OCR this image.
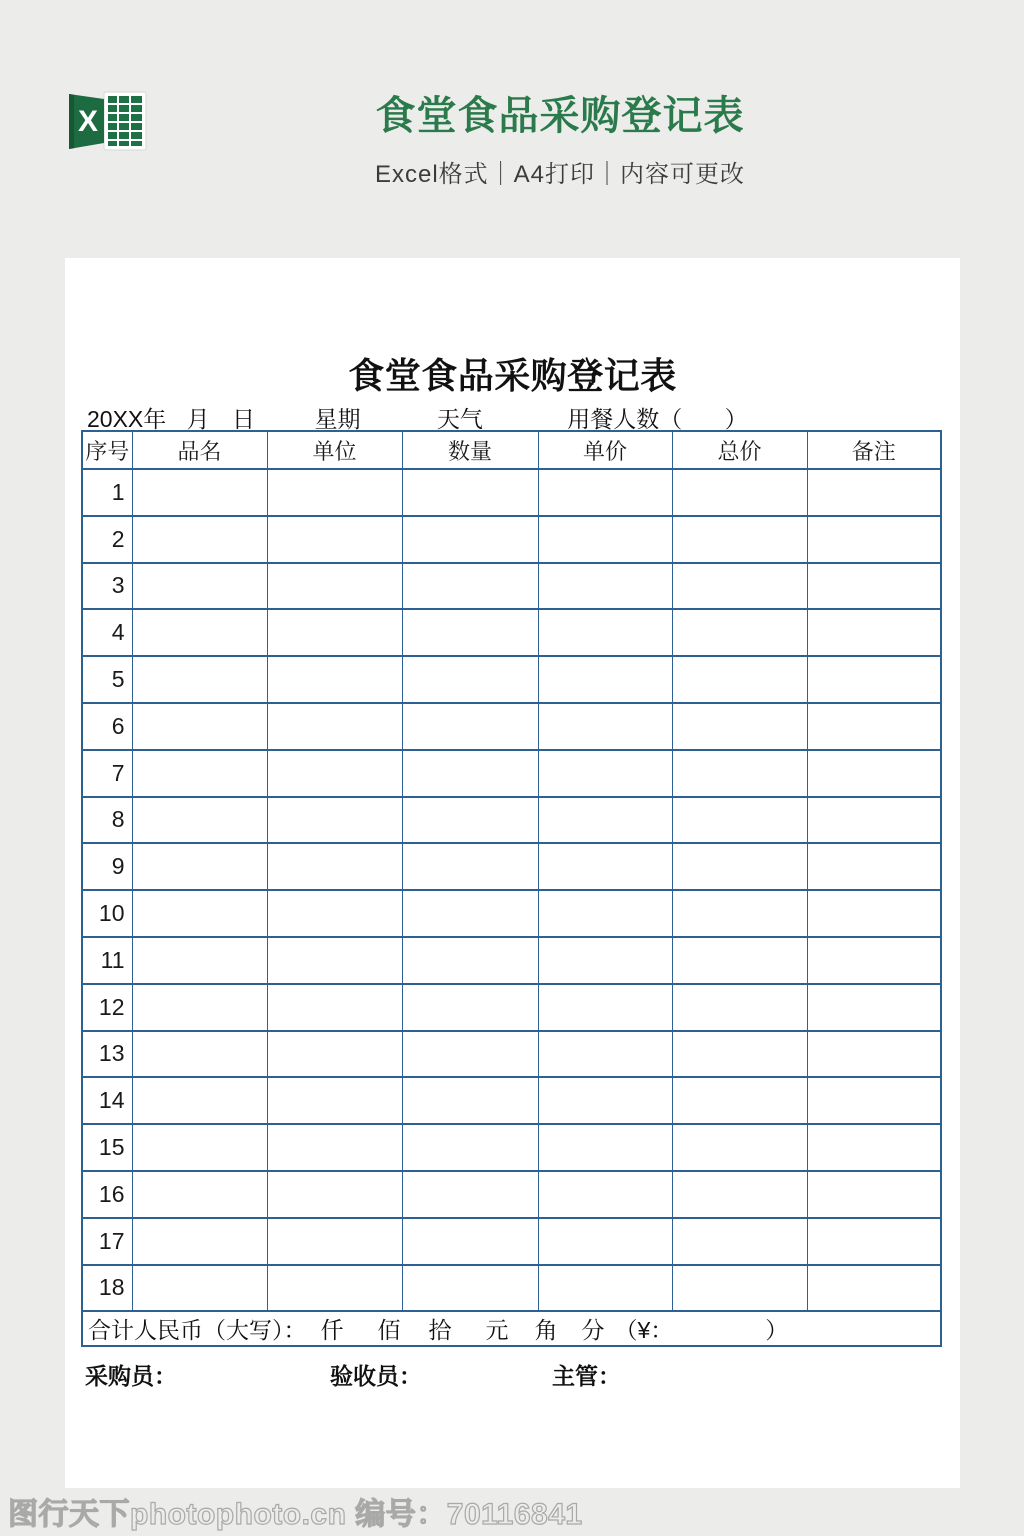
X	食堂食品采购登记表
Excel格式｜A4打印｜内容可更改
食堂食品采购登记表
20XX年 月 日	星期	天气	用餐人数（ ）
序号	品名	单位	数量	单价	总价	备注
1						
2						
3						
4						
5						
6						
7						
8						
9						
10						
11						
12						
13						
14						
15						
16						
17						
18						

合计人民币（大写）： 仟 佰 拾 元 角 分 （¥：	）
采购员：	验收员：	主管：
图行天下photophoto.cn 编号：70116841
